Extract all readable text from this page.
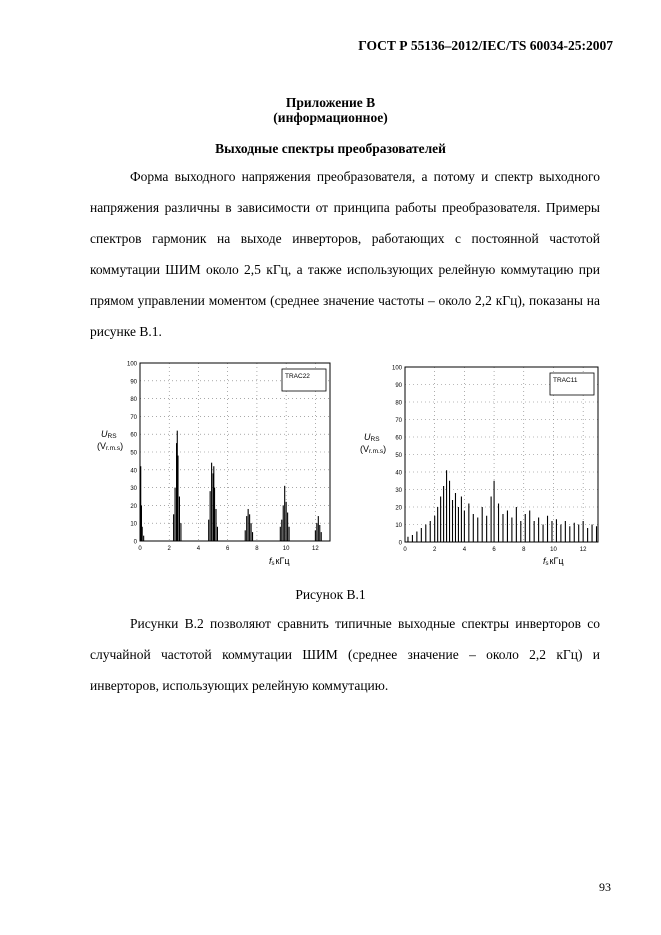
ГОСТ Р 55136–2012/IEC/TS 60034-25:2007
Приложение В
(информационное)
Выходные спектры преобразователей
Форма выходного напряжения преобразователя, а потому и спектр выходного напряжения различны в зависимости от принципа работы преобразователя. Примеры спектров гармоник на выходе инверторов, работающих с постоянной частотой коммутации ШИМ около 2,5 кГц, а также использующих релейную коммутацию при прямом управлении моментом (среднее значение частоты – около 2,2 кГц), показаны на рисунке В.1.
0
10
20
30
40
50
60
70
80
90
100
0	2	4	6	8	10	12
TRAC22
URS
(Vr.m.s)
fsкГц
0
10
20
30
40
50
60
70
80
90
100
0	2	4	6	8	10	12
TRAC11
URS
(Vr.m.s)
fsкГц
Рисунок В.1
Рисунки В.2 позволяют сравнить типичные выходные спектры инверторов со случайной частотой коммутации ШИМ (среднее значение – около 2,2 кГц) и инверторов, использующих релейную коммутацию.
93
